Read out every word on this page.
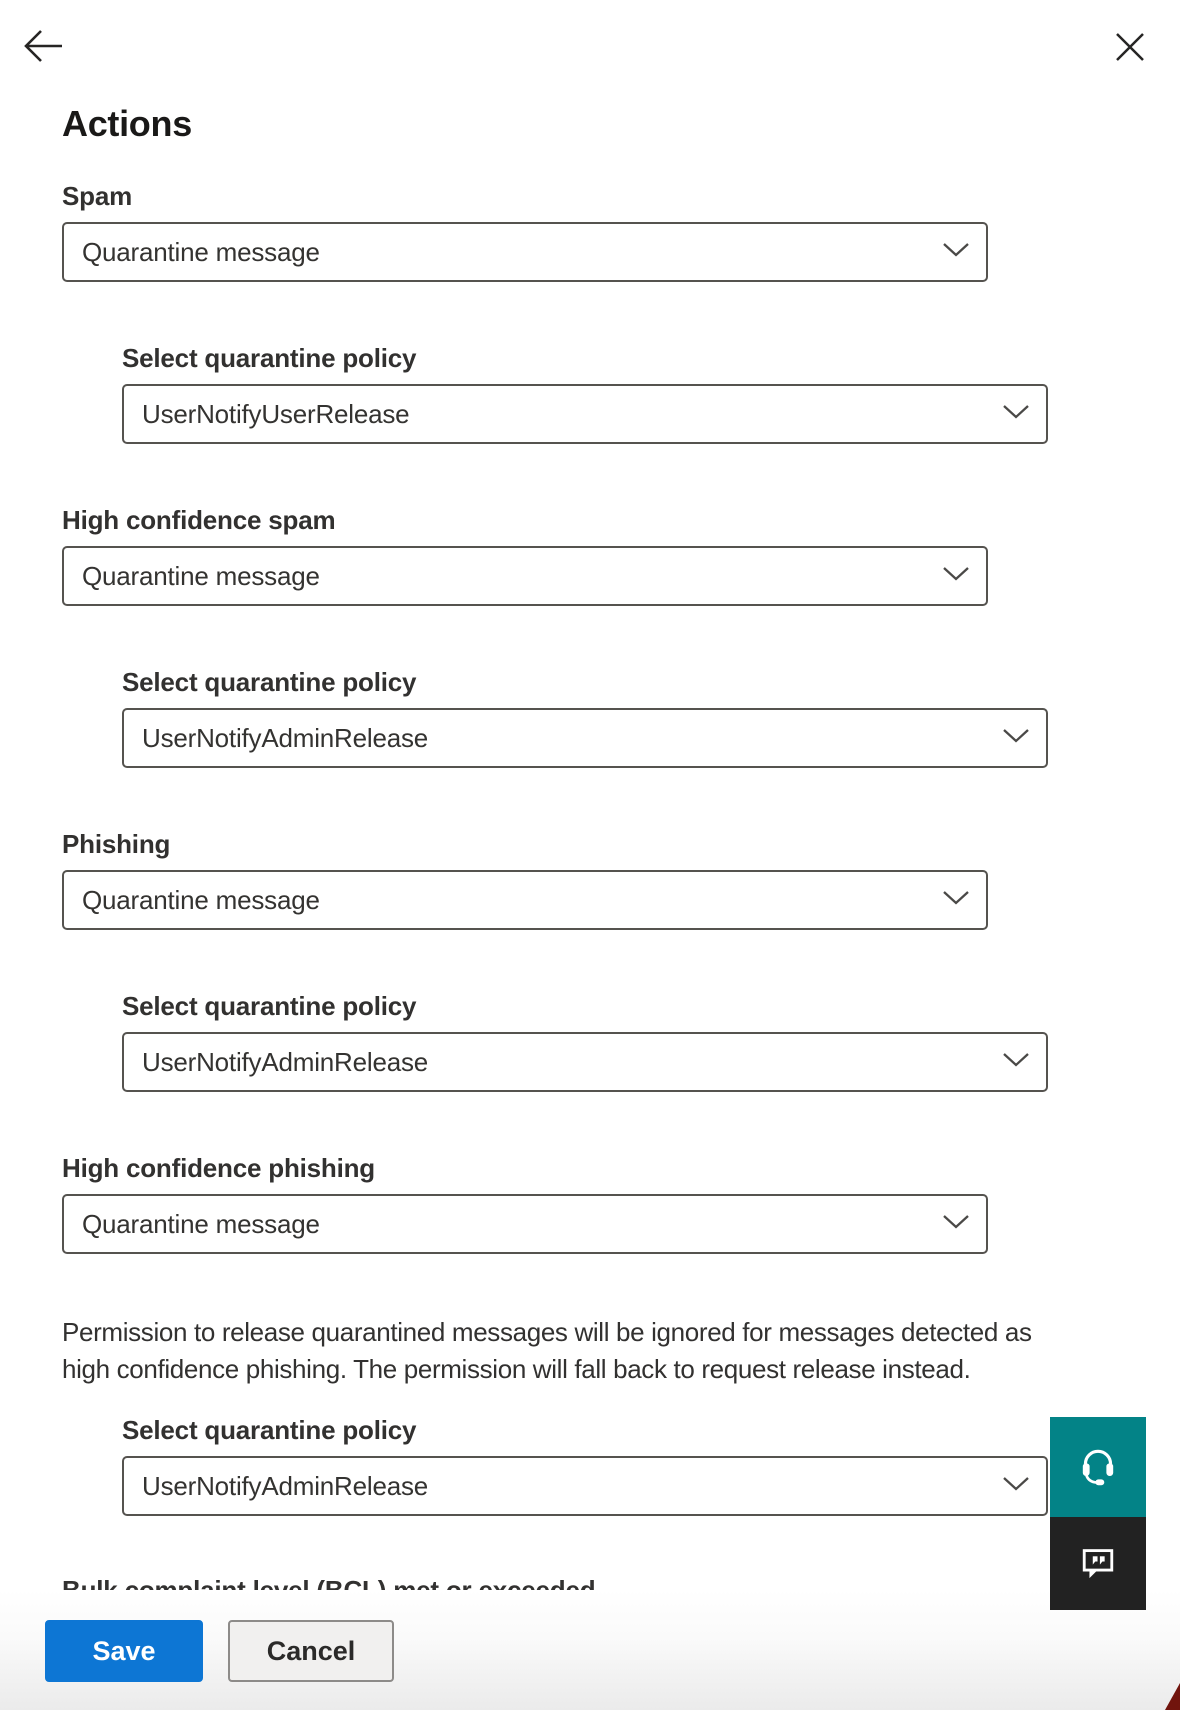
Actions
Spam
Quarantine message
Select quarantine policy
UserNotifyUserRelease
High confidence spam
Quarantine message
Select quarantine policy
UserNotifyAdminRelease
Phishing
Quarantine message
Select quarantine policy
UserNotifyAdminRelease
High confidence phishing
Quarantine message
Permission to release quarantined messages will be ignored for messages detected as
high confidence phishing. The permission will fall back to request release instead.
Select quarantine policy
UserNotifyAdminRelease
Save	Cancel
